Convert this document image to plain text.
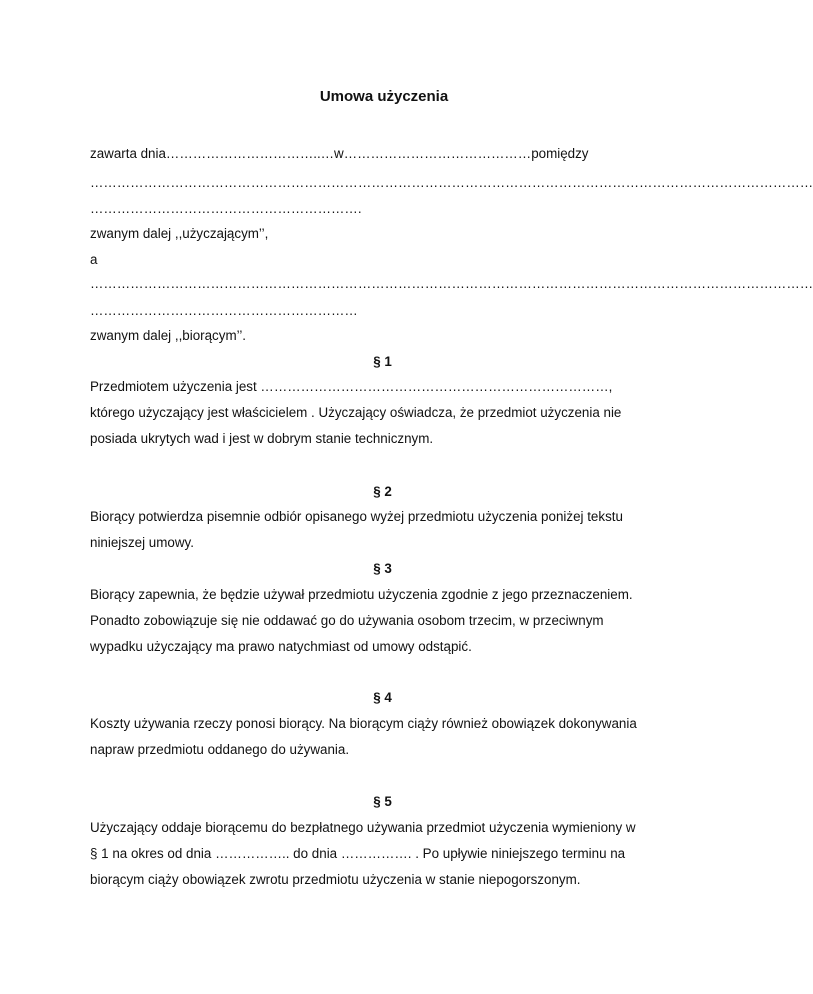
Umowa użyczenia
zawarta dnia……………………………..…w……………………………………pomiędzy
………………………………………………………………………………………………………………………………………………
…………………………………………………….
zwanym dalej ,,użyczającym’’,
a
………………………………………………………………………………………………………………………………………………
……………………………………………………
zwanym dalej ,,biorącym’’.
§ 1
Przedmiotem użyczenia jest ……………………………………………………………………,
którego użyczający jest właścicielem . Użyczający oświadcza, że przedmiot użyczenia nie
posiada ukrytych wad i jest w dobrym stanie technicznym.
§ 2
Biorący potwierdza pisemnie odbiór opisanego wyżej przedmiotu użyczenia poniżej tekstu
niniejszej umowy.
§ 3
Biorący zapewnia, że będzie używał przedmiotu użyczenia zgodnie z jego przeznaczeniem.
Ponadto zobowiązuje się nie oddawać go do używania osobom trzecim, w przeciwnym
wypadku użyczający ma prawo natychmiast od umowy odstąpić.
§ 4
Koszty używania rzeczy ponosi biorący. Na biorącym ciąży również obowiązek dokonywania
napraw przedmiotu oddanego do używania.
§ 5
Użyczający oddaje biorącemu do bezpłatnego używania przedmiot użyczenia wymieniony w
§ 1 na okres od dnia …………….. do dnia ……………. . Po upływie niniejszego terminu na
biorącym ciąży obowiązek zwrotu przedmiotu użyczenia w stanie niepogorszonym.
